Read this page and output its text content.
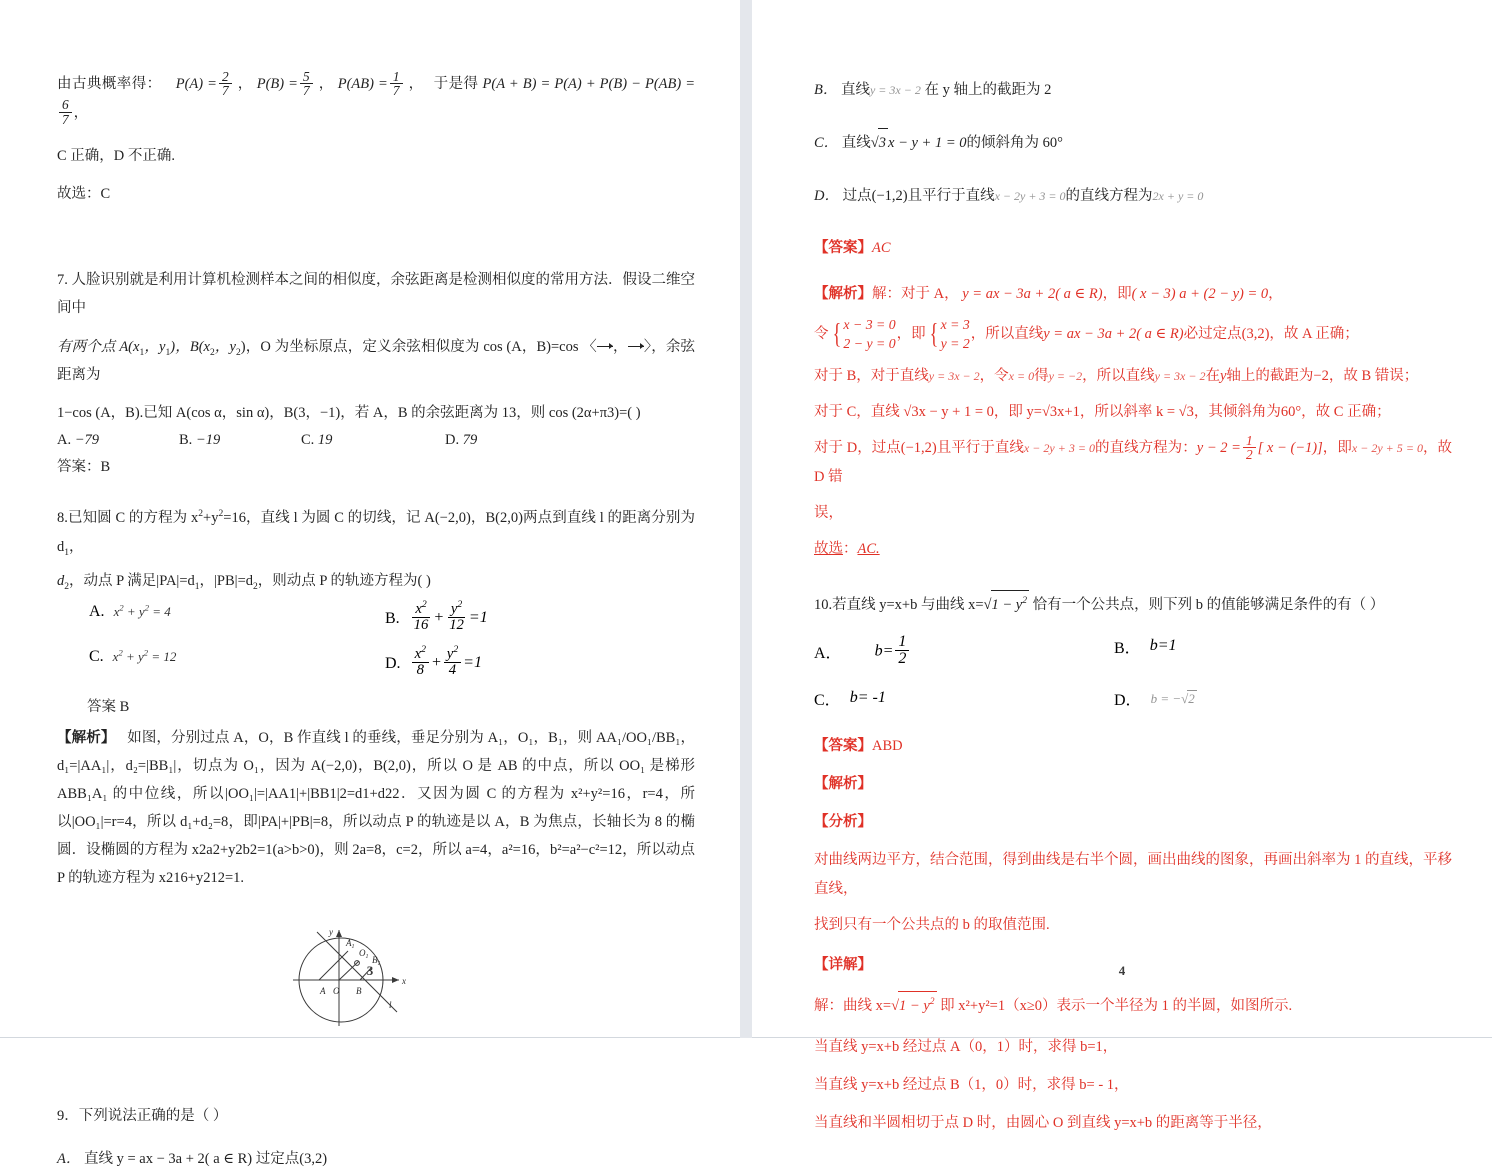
由古典概率得： $P(A) = \frac{2}{7}$ ， $P(B) = \frac{5}{7}$ ， $P(AB) = \frac{1}{7}$ ， 于是得 P(A + B) = P(A) + P(B) − P(AB) =
$\frac{6}{7}$ ，
C 正确，D 不正确.
故选：C
7. 人脸识别就是利用计算机检测样本之间的相似度，余弦距离是检测相似度的常用方法．假设二维空间中
有两个点 $A(x_1$，$y_1$)，$B(x_2$，$y_2$)，O 为坐标原点，定义余弦相似度为 cos (A，B)=cos 〈 ， 〉，余弦距离为
1−cos (A，B).已知 A(cos α，sin α)，B(3，−1)，若 A，B 的余弦距离为 13，则 cos (2α+π3)=( )
A. −79	B. −19	C. 19	D. 79
答案：B
8.已知圆 C 的方程为 $x^2+y^2=16$，直线 l 为圆 C 的切线，记 A(−2,0)，B(2,0)两点到直线 l 的距离分别为 $d_1$，
$d_2$，动点 P 满足$|PA|=d_1$，$|PB|=d_2$，则动点 P 的轨迹方程为( )
A. $x^2 + y^2 = 4$	B. $\frac{x^2}{16} + \frac{y^2}{12} =1$
C. $x^2 + y^2 = 12$	D. $\frac{x^2}{8} + \frac{y^2}{4} =1$
答案 B
【解析】 如图，分别过点 A，O，B 作直线 l 的垂线，垂足分别为 A₁，O₁，B₁，则 AA₁/OO₁/BB₁，d₁=|AA₁|，d₂=|BB₁|，切点为 O₁，因为 A(−2,0)，B(2,0)，所以 O 是 AB 的中点，所以 OO₁ 是梯形 ABB₁A₁ 的中位线，所以|OO₁|=|AA1|+|BB1|2=d1+d22．又因为圆 C 的方程为 x²+y²=16，r=4，所以|OO₁|=r=4，所以 d₁+d₂=8，即|PA|+|PB|=8，所以动点 P 的轨迹是以 A，B 为焦点，长轴长为 8 的椭圆．设椭圆的方程为 x2a2+y2b2=1(a>b>0)，则 2a=8，c=2，所以 a=4，a²=16，b²=a²−c²=12，所以动点 P 的轨迹方程为 x216+y212=1.
x
y
A O B
$A_1$
$O_1$ $B_1$
l
9．下列说法正确的是（ ）
A． 直线 y = ax − 3a + 2( a ∈ R) 过定点(3,2)
3
B． 直线y = 3x − 2 在 y 轴上的截距为 2
C． 直线√3 x − y + 1 = 0的倾斜角为 60°
D． 过点(−1,2)且平行于直线x − 2y + 3 = 0的直线方程为2x + y = 0
【答案】AC
【解析】解：对于 A， y = ax − 3a + 2( a ∈ R)，即( x − 3) a + (2 − y) = 0，
令 { x − 3 = 0
2 − y = 0
，即 { x = 3
y = 2
，所以直线y = ax − 3a + 2( a ∈ R)必过定点(3,2)，故 A 正确；
对于 B，对于直线y = 3x − 2，令x = 0得y = −2，所以直线y = 3x − 2在y轴上的截距为−2，故 B 错误；
对于 C，直线 √3x − y + 1 = 0，即 y=√3x+1，所以斜率 k = √3，其倾斜角为60°，故 C 正确；
对于 D，过点(−1,2)且平行于直线x − 2y + 3 = 0的直线方程为：$y - 2 = \frac{1}{2}$ [ x − (−1)]，即x − 2y + 5 = 0，故 D 错
误，
故选：AC.
10.若直线 y=x+b 与曲线 $x=√1 - y^2$ 恰有一个公共点，则下列 b 的值能够满足条件的有（ ）
A． $b= \frac{1}{2}$	B． b=1
C． b= -1	D． b = −√2
【答案】ABD
【解析】
【分析】
对曲线两边平方，结合范围，得到曲线是右半个圆，画出曲线的图象，再画出斜率为 1 的直线，平移直线，
找到只有一个公共点的 b 的取值范围.
【详解】
解：曲线 $x=√1 - y^2$ 即 x²+y²=1（x≥0）表示一个半径为 1 的半圆，如图所示.
当直线 y=x+b 经过点 A（0，1）时，求得 b=1，
当直线 y=x+b 经过点 B（1，0）时，求得 b= - 1，
当直线和半圆相切于点 D 时，由圆心 O 到直线 y=x+b 的距离等于半径，
4
